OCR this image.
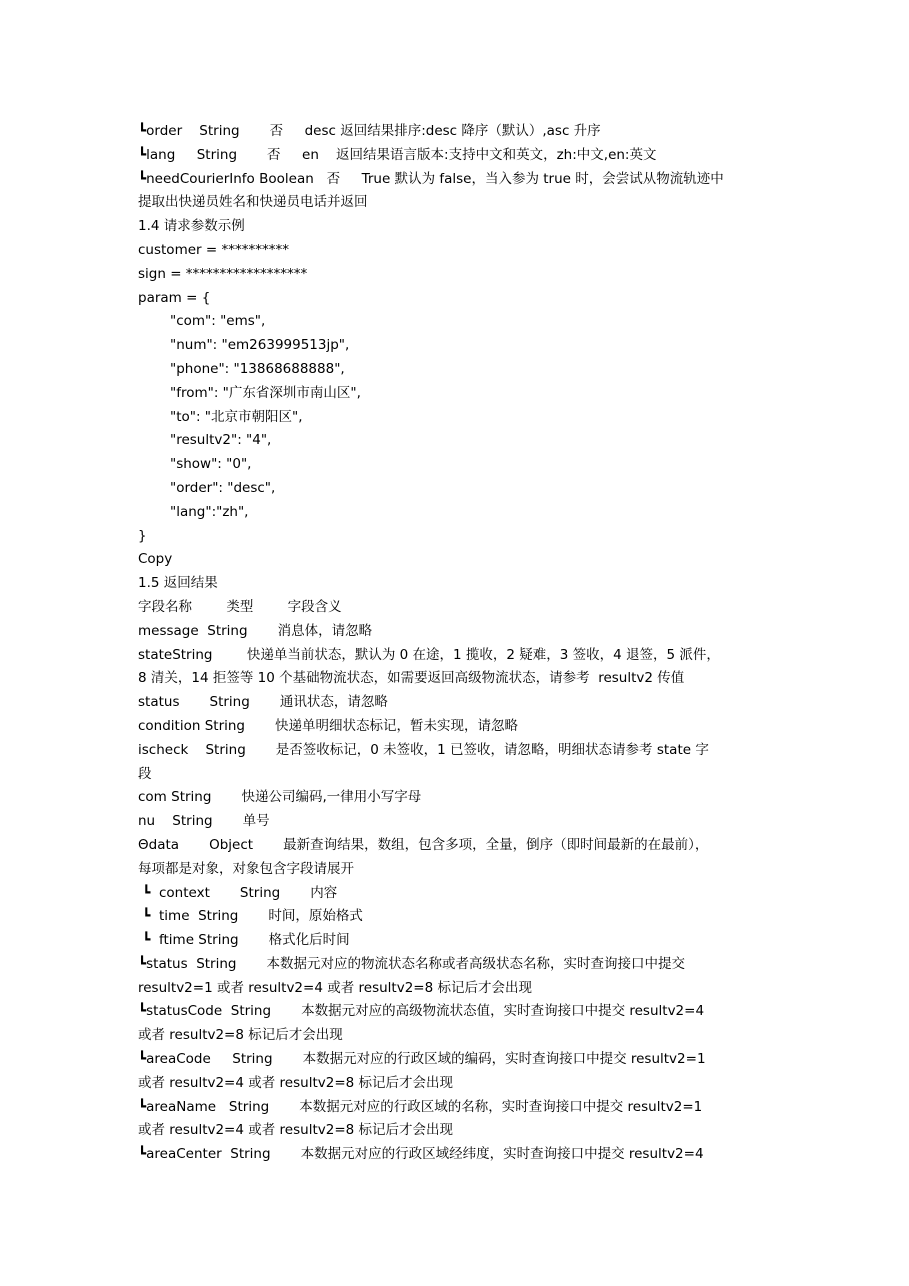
┗order    String       否     desc 返回结果排序:desc 降序（默认）,asc 升序
┗lang     String       否     en    返回结果语言版本:支持中文和英文，zh:中文,en:英文
┗needCourierInfo Boolean   否     True 默认为 false，当入参为 true 时，会尝试从物流轨迹中
提取出快递员姓名和快递员电话并返回
1.4 请求参数示例
customer = **********
sign = ******************
param = {
"com": "ems",
"num": "em263999513jp",
"phone": "13868688888",
"from": "广东省深圳市南山区",
"to": "北京市朝阳区",
"resultv2": "4",
"show": "0",
"order": "desc",
"lang":"zh",
}
Copy
1.5 返回结果
字段名称        类型        字段含义
message  String       消息体，请忽略
stateString        快递单当前状态，默认为 0 在途，1 揽收，2 疑难，3 签收，4 退签，5 派件，
8 清关，14 拒签等 10 个基础物流状态，如需要返回高级物流状态，请参考  resultv2 传值
status       String       通讯状态，请忽略
condition String       快递单明细状态标记，暂未实现，请忽略
ischeck    String       是否签收标记，0 未签收，1 已签收，请忽略，明细状态请参考 state 字
段
com String       快递公司编码,一律用小写字母
nu    String       单号
Θdata       Object       最新查询结果，数组，包含多项，全量，倒序（即时间最新的在最前），
每项都是对象，对象包含字段请展开
┗  context       String       内容
┗  time  String       时间，原始格式
┗  ftime String       格式化后时间
┗status  String       本数据元对应的物流状态名称或者高级状态名称，实时查询接口中提交
resultv2=1 或者 resultv2=4 或者 resultv2=8 标记后才会出现
┗statusCode  String       本数据元对应的高级物流状态值，实时查询接口中提交 resultv2=4
或者 resultv2=8 标记后才会出现
┗areaCode     String       本数据元对应的行政区域的编码，实时查询接口中提交 resultv2=1
或者 resultv2=4 或者 resultv2=8 标记后才会出现
┗areaName   String       本数据元对应的行政区域的名称，实时查询接口中提交 resultv2=1
或者 resultv2=4 或者 resultv2=8 标记后才会出现
┗areaCenter  String       本数据元对应的行政区域经纬度，实时查询接口中提交 resultv2=4
